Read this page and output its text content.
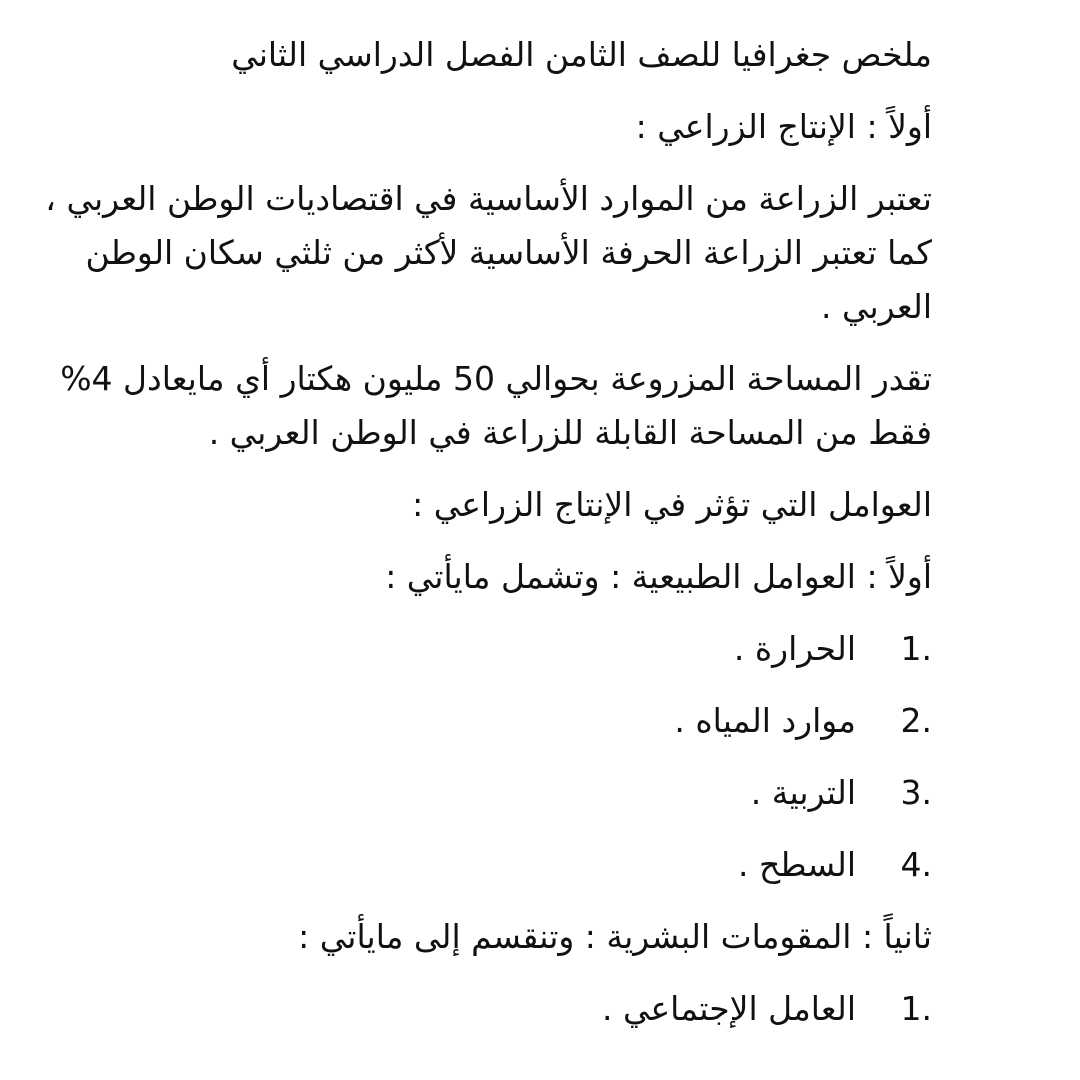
ملخص جغرافيا للصف الثامن الفصل الدراسي الثاني

أولاً : الإنتاج الزراعي :

تعتبر الزراعة من الموارد الأساسية في اقتصاديات الوطن العربي ، كما تعتبر الزراعة الحرفة الأساسية لأكثر من ثلثي سكان الوطن العربي .

تقدر المساحة المزروعة بحوالي 50 مليون هكتار أي مايعادل 4% فقط من المساحة القابلة للزراعة في الوطن العربي .

العوامل التي تؤثر في الإنتاج الزراعي :

أولاً : العوامل الطبيعية : وتشمل مايأتي :

1.
الحرارة .
2.
موارد المياه .
3.
التربية .
4.
السطح .

ثانياً : المقومات البشرية : وتنقسم إلى مايأتي :

1.
العامل الإجتماعي .
